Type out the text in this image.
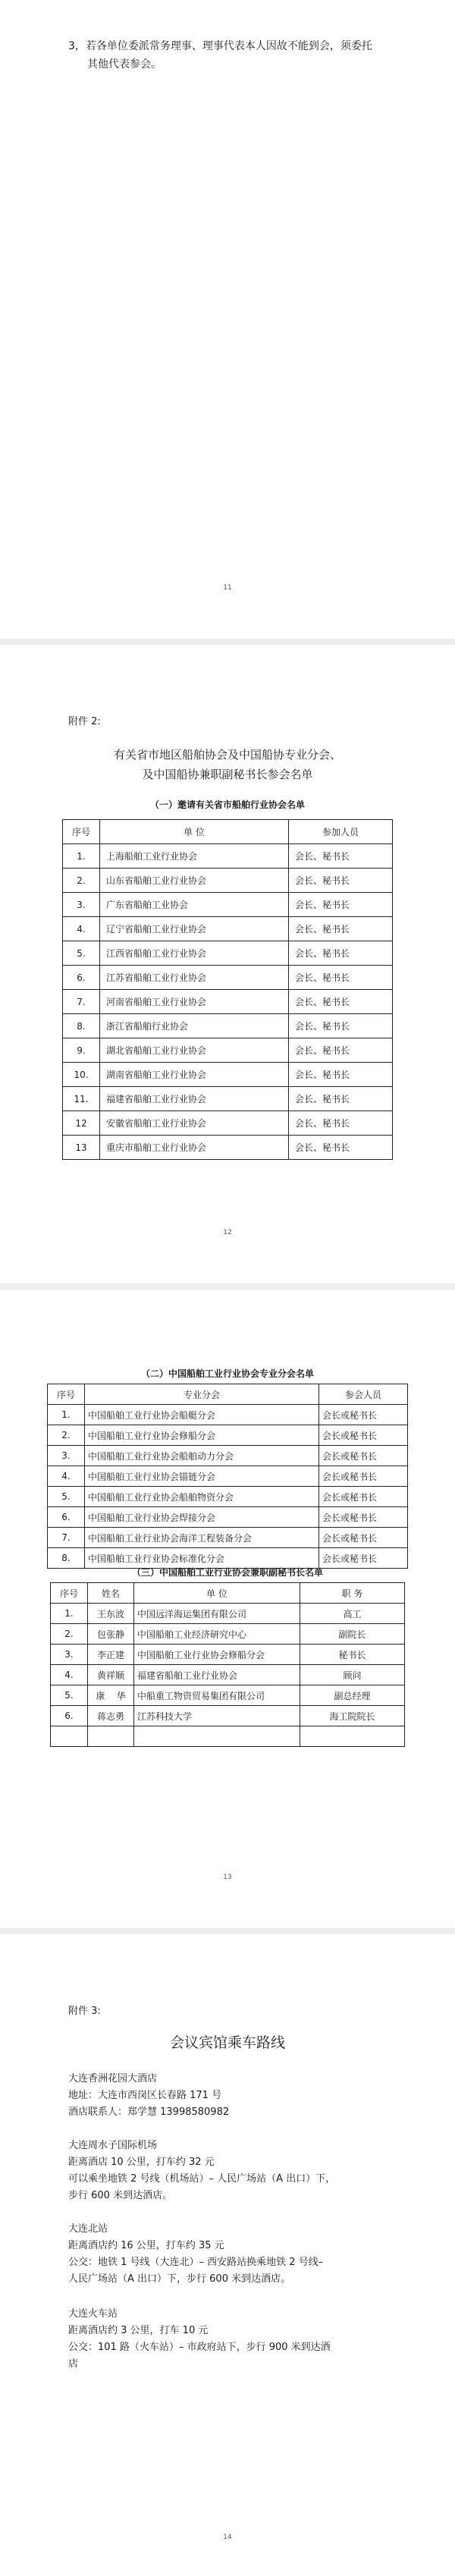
3，若各单位委派常务理事、理事代表本人因故不能到会，须委托
其他代表参会。
11
附件 2:
有关省市地区船舶协会及中国船协专业分会、
及中国船协兼职副秘书长参会名单
（一）邀请有关省市船舶行业协会名单
序号	单 位	参加人员
1.	上海船舶工业行业协会	会长、秘书长
2.	山东省船舶工业行业协会	会长、秘书长
3.	广东省船舶工业协会	会长、秘书长
4.	辽宁省船舶工业行业协会	会长、秘书长
5.	江西省船舶工业行业协会	会长、秘书长
6.	江苏省船舶工业行业协会	会长、秘书长
7.	河南省船舶工业行业协会	会长、秘书长
8.	浙江省船舶行业协会	会长、秘书长
9.	湖北省船舶工业行业协会	会长、秘书长
10.	湖南省船舶工业行业协会	会长、秘书长
11.	福建省船舶工业行业协会	会长、秘书长
12	安徽省船舶工业行业协会	会长、秘书长
13	重庆市船舶工业行业协会	会长、秘书长
12
（二）中国船舶工业行业协会专业分会名单
序号	专业分会	参会人员
1.	中国船舶工业行业协会船艇分会	会长或秘书长
2.	中国船舶工业行业协会修船分会	会长或秘书长
3.	中国船舶工业行业协会船舶动力分会	会长或秘书长
4.	中国船舶工业行业协会锚链分会	会长或秘书长
5.	中国船舶工业行业协会船舶物资分会	会长或秘书长
6.	中国船舶工业行业协会焊接分会	会长或秘书长
7.	中国船舶工业行业协会海洋工程装备分会	会长或秘书长
8.	中国船舶工业行业协会标准化分会	会长或秘书长
（三）中国船舶工业行业协会兼职副秘书长名单
序号	姓名	单 位	职 务
1.	王东波	中国远洋海运集团有限公司	高工
2.	包张静	中国船舶工业经济研究中心	副院长
3.	李正建	中国船舶工业行业协会修船分会	秘书长
4.	黄祥顺	福建省船舶工业行业协会	顾问
5.	康    华	中船重工物资贸易集团有限公司	副总经理
6.	蒋志勇	江苏科技大学	海工院院长

13
附件 3:
会议宾馆乘车路线
大连香洲花园大酒店
地址：大连市西岗区长春路 171 号
酒店联系人：郑学慧 13998580982
大连周水子国际机场
距离酒店 10 公里，打车约 32 元
可以乘坐地铁 2 号线（机场站）– 人民广场站（A 出口）下，
步行 600 米到达酒店。
大连北站
距离酒店约 16 公里，打车约 35 元
公交：地铁 1 号线（大连北）– 西安路站换乘地铁 2 号线–
人民广场站（A 出口）下，步行 600 米到达酒店。
大连火车站
距离酒店约 3 公里，打车 10 元
公交：101 路（火车站）– 市政府站下，步行 900 米到达酒
店
14
